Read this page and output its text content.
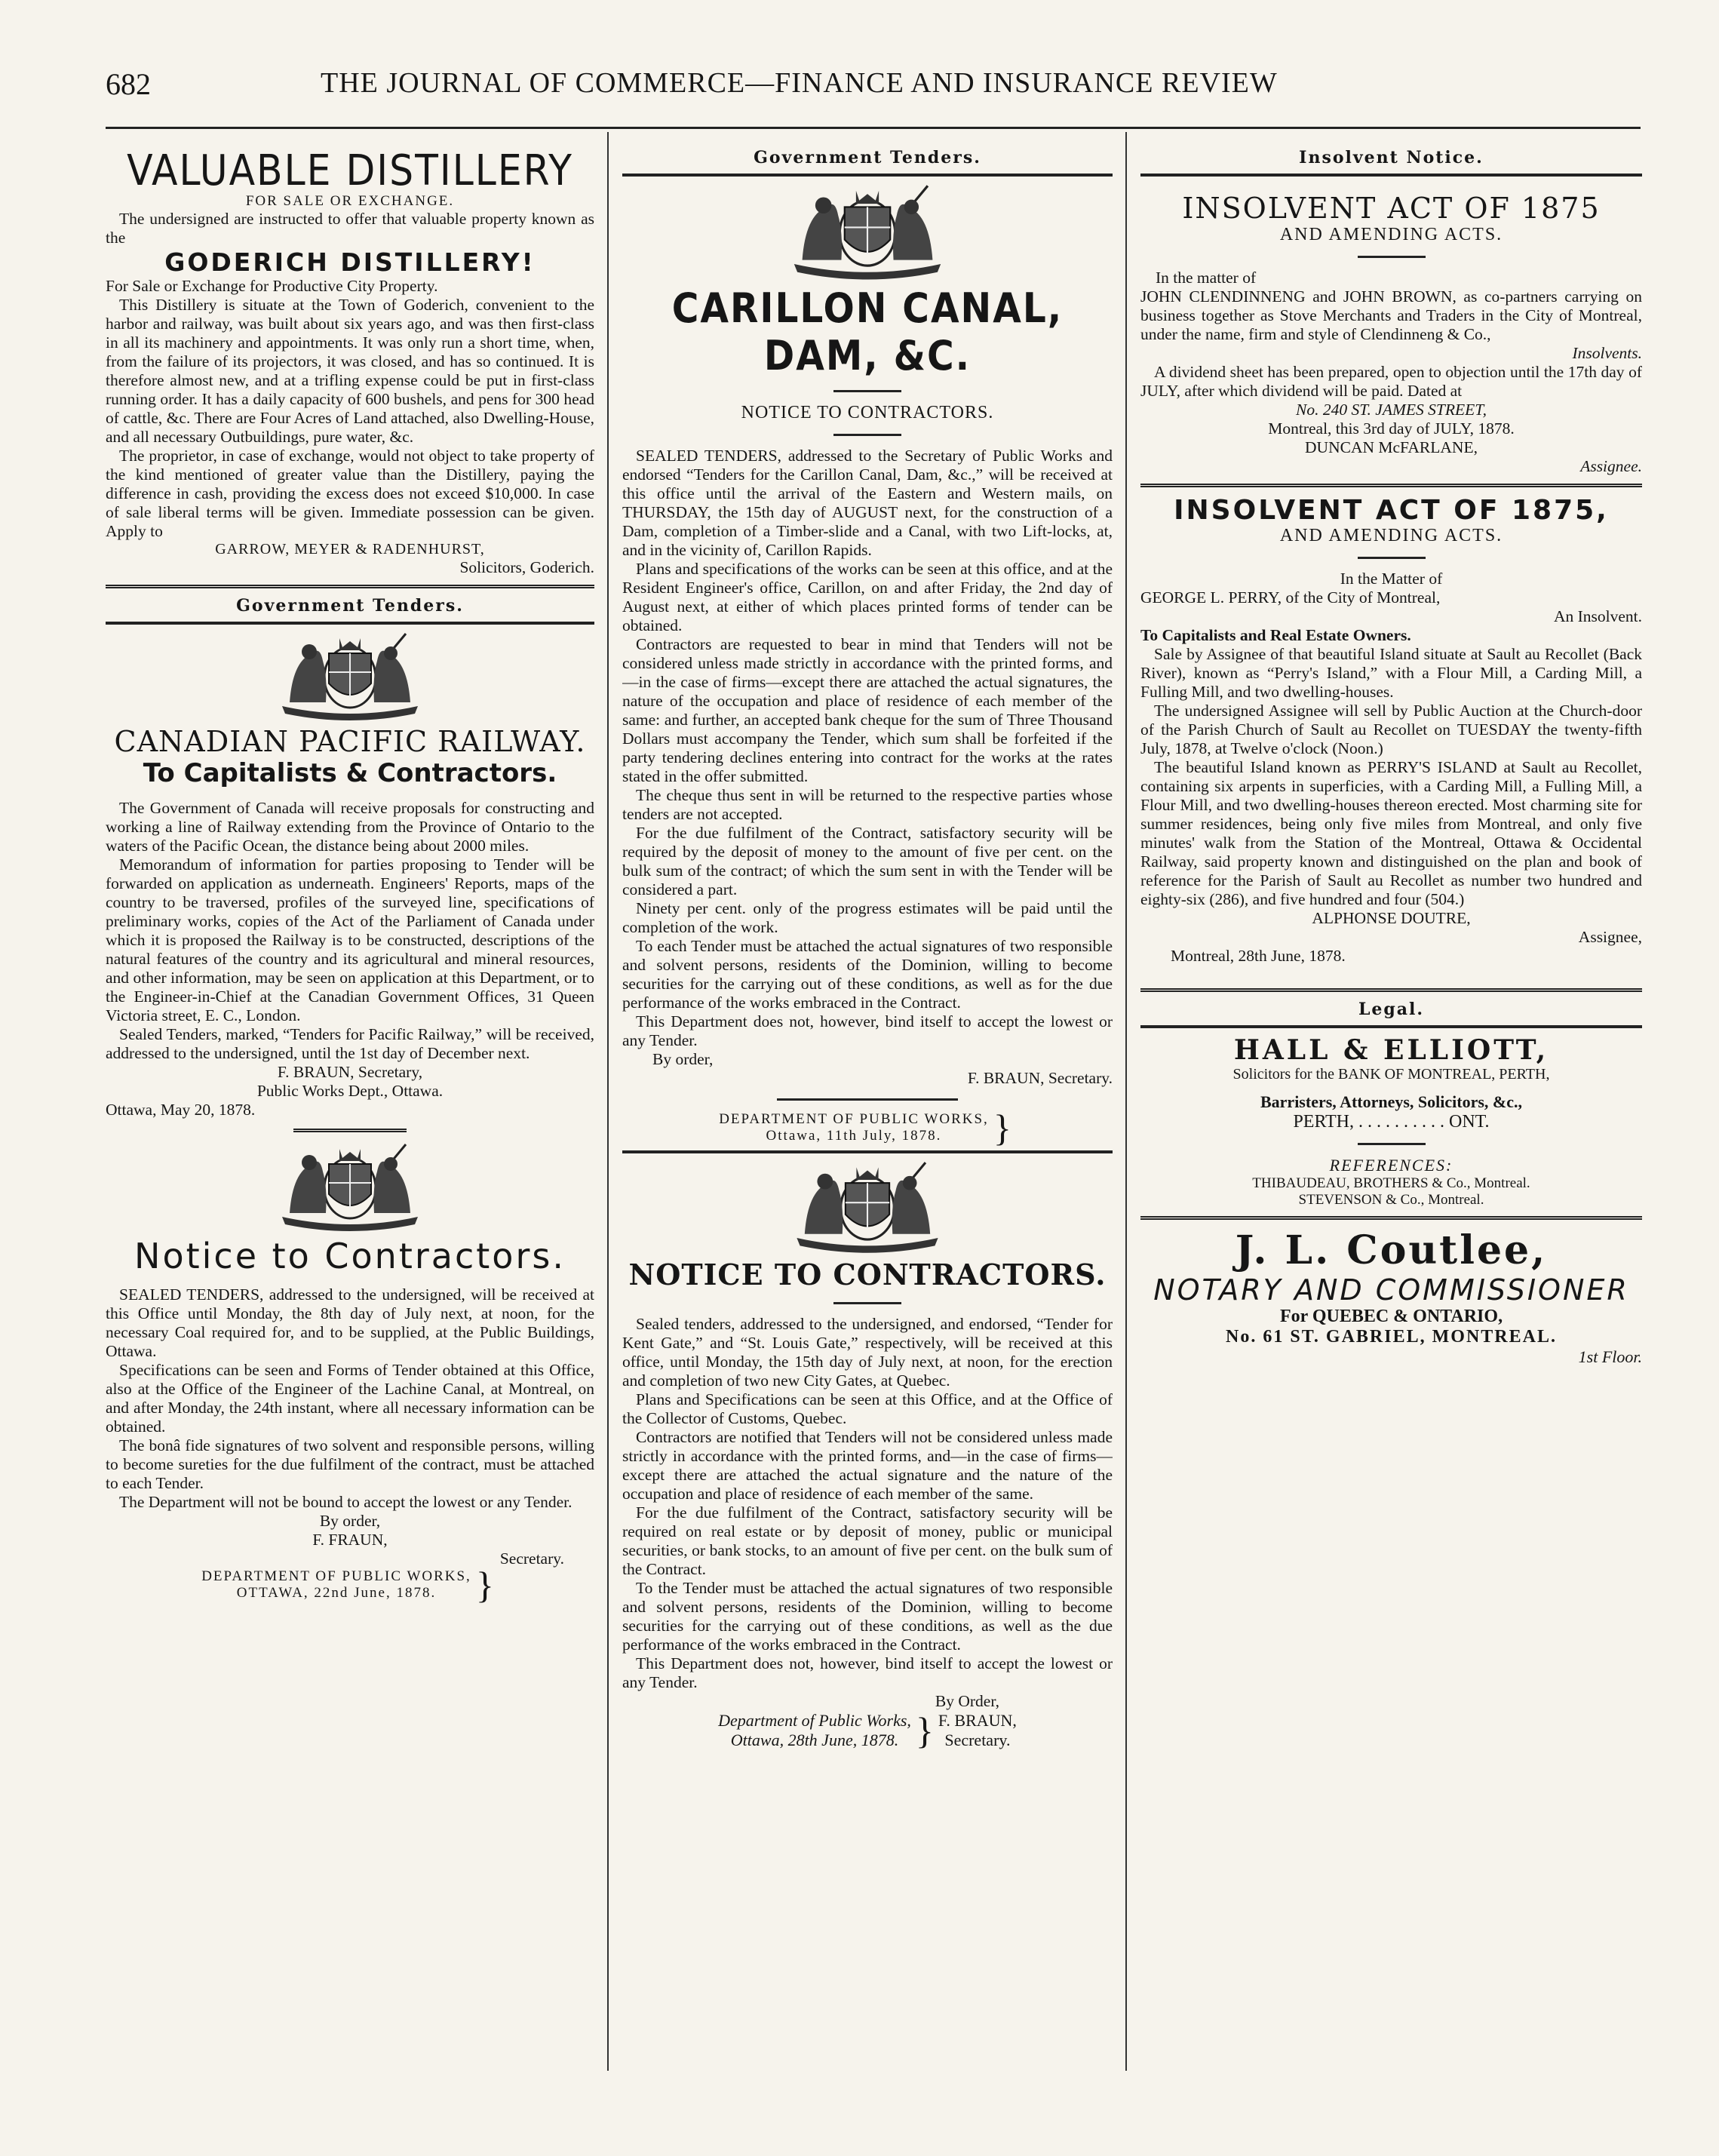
682	THE JOURNAL OF COMMERCE—FINANCE AND INSURANCE REVIEW

VALUABLE DISTILLERY

FOR SALE OR EXCHANGE.

The undersigned are instructed to offer that valuable property known as the

GODERICH DISTILLERY!

For Sale or Exchange for Productive City Property.

This Distillery is situate at the Town of Goderich, convenient to the harbor and railway, was built about six years ago, and was then first-class in all its machinery and appointments. It was only run a short time, when, from the failure of its projectors, it was closed, and has so continued. It is therefore almost new, and at a trifling expense could be put in first-class running order. It has a daily capacity of 600 bushels, and pens for 300 head of cattle, &c. There are Four Acres of Land attached, also Dwelling-House, and all necessary Outbuildings, pure water, &c.

The proprietor, in case of exchange, would not object to take property of the kind mentioned of greater value than the Distillery, paying the difference in cash, providing the excess does not exceed $10,000. In case of sale liberal terms will be given. Immediate possession can be given. Apply to

GARROW, MEYER & RADENHURST,

Solicitors, Goderich.

Government Tenders.

CANADIAN PACIFIC RAILWAY.

To Capitalists & Contractors.

The Government of Canada will receive proposals for constructing and working a line of Railway extending from the Province of Ontario to the waters of the Pacific Ocean, the distance being about 2000 miles.

Memorandum of information for parties proposing to Tender will be forwarded on application as underneath. Engineers' Reports, maps of the country to be traversed, profiles of the surveyed line, specifications of preliminary works, copies of the Act of the Parliament of Canada under which it is proposed the Railway is to be constructed, descriptions of the natural features of the country and its agricultural and mineral resources, and other information, may be seen on application at this Department, or to the Engineer-in-Chief at the Canadian Government Offices, 31 Queen Victoria street, E. C., London.

Sealed Tenders, marked, “Tenders for Pacific Railway,” will be received, addressed to the undersigned, until the 1st day of December next.

F. BRAUN, Secretary,

Public Works Dept., Ottawa.

Ottawa, May 20, 1878.

Notice to Contractors.

SEALED TENDERS, addressed to the undersigned, will be received at this Office until Monday, the 8th day of July next, at noon, for the necessary Coal required for, and to be supplied, at the Public Buildings, Ottawa.

Specifications can be seen and Forms of Tender obtained at this Office, also at the Office of the Engineer of the Lachine Canal, at Montreal, on and after Monday, the 24th instant, where all necessary information can be obtained.

The bonâ fide signatures of two solvent and responsible persons, willing to become sureties for the due fulfilment of the contract, must be attached to each Tender.

The Department will not be bound to accept the lowest or any Tender.

By order,

F. FRAUN,

Secretary.

DEPARTMENT OF PUBLIC WORKS,

OTTAWA, 22nd June, 1878.	}

Government Tenders.

CARILLON CANAL, DAM, &C.

NOTICE TO CONTRACTORS.

SEALED TENDERS, addressed to the Secretary of Public Works and endorsed “Tenders for the Carillon Canal, Dam, &c.,” will be received at this office until the arrival of the Eastern and Western mails, on THURSDAY, the 15th day of AUGUST next, for the construction of a Dam, completion of a Timber-slide and a Canal, with two Lift-locks, at, and in the vicinity of, Carillon Rapids.

Plans and specifications of the works can be seen at this office, and at the Resident Engineer's office, Carillon, on and after Friday, the 2nd day of August next, at either of which places printed forms of tender can be obtained.

Contractors are requested to bear in mind that Tenders will not be considered unless made strictly in accordance with the printed forms, and—in the case of firms—except there are attached the actual signatures, the nature of the occupation and place of residence of each member of the same: and further, an accepted bank cheque for the sum of Three Thousand Dollars must accompany the Tender, which sum shall be forfeited if the party tendering declines entering into contract for the works at the rates stated in the offer submitted.

The cheque thus sent in will be returned to the respective parties whose tenders are not accepted.

For the due fulfilment of the Contract, satisfactory security will be required by the deposit of money to the amount of five per cent. on the bulk sum of the contract; of which the sum sent in with the Tender will be considered a part.

Ninety per cent. only of the progress estimates will be paid until the completion of the work.

To each Tender must be attached the actual signatures of two responsible and solvent persons, residents of the Dominion, willing to become securities for the carrying out of these conditions, as well as for the due performance of the works embraced in the Contract.

This Department does not, however, bind itself to accept the lowest or any Tender.

By order,

F. BRAUN, Secretary.

DEPARTMENT OF PUBLIC WORKS,

Ottawa, 11th July, 1878.	}

NOTICE TO CONTRACTORS.

Sealed tenders, addressed to the undersigned, and endorsed, “Tender for Kent Gate,” and “St. Louis Gate,” respectively, will be received at this office, until Monday, the 15th day of July next, at noon, for the erection and completion of two new City Gates, at Quebec.

Plans and Specifications can be seen at this Office, and at the Office of the Collector of Customs, Quebec.

Contractors are notified that Tenders will not be considered unless made strictly in accordance with the printed forms, and—in the case of firms—except there are attached the actual signature and the nature of the occupation and place of residence of each member of the same.

For the due fulfilment of the Contract, satisfactory security will be required on real estate or by deposit of money, public or municipal securities, or bank stocks, to an amount of five per cent. on the bulk sum of the Contract.

To the Tender must be attached the actual signatures of two responsible and solvent persons, residents of the Dominion, willing to become securities for the carrying out of these conditions, as well as the due performance of the works embraced in the Contract.

This Department does not, however, bind itself to accept the lowest or any Tender.

By Order,

Department of Public Works,

Ottawa, 28th June, 1878. } F. BRAUN,

Secretary.

Insolvent Notice.

INSOLVENT ACT OF 1875

AND AMENDING ACTS.

In the matter of

JOHN CLENDINNENG and JOHN BROWN, as co-partners carrying on business together as Stove Merchants and Traders in the City of Montreal, under the name, firm and style of Clendinneng & Co.,

Insolvents.

A dividend sheet has been prepared, open to objection until the 17th day of JULY, after which dividend will be paid. Dated at

No. 240 ST. JAMES STREET,

Montreal, this 3rd day of JULY, 1878.

DUNCAN McFARLANE,

Assignee.

INSOLVENT ACT OF 1875,

AND AMENDING ACTS.

In the Matter of

GEORGE L. PERRY, of the City of Montreal,

An Insolvent.

To Capitalists and Real Estate Owners.

Sale by Assignee of that beautiful Island situate at Sault au Recollet (Back River), known as “Perry's Island,” with a Flour Mill, a Carding Mill, a Fulling Mill, and two dwelling-houses.

The undersigned Assignee will sell by Public Auction at the Church-door of the Parish Church of Sault au Recollet on TUESDAY the twenty-fifth July, 1878, at Twelve o'clock (Noon.)

The beautiful Island known as PERRY'S ISLAND at Sault au Recollet, containing six arpents in superficies, with a Carding Mill, a Fulling Mill, a Flour Mill, and two dwelling-houses thereon erected. Most charming site for summer residences, being only five miles from Montreal, and only five minutes' walk from the Station of the Montreal, Ottawa & Occidental Railway, said property known and distinguished on the plan and book of reference for the Parish of Sault au Recollet as number two hundred and eighty-six (286), and five hundred and four (504.)

ALPHONSE DOUTRE,

Assignee,

Montreal, 28th June, 1878.

Legal.

HALL & ELLIOTT,

Solicitors for the BANK OF MONTREAL, PERTH,

Barristers, Attorneys, Solicitors, &c.,

PERTH, . . . . . . . . . . ONT.

REFERENCES:

THIBAUDEAU, BROTHERS & Co., Montreal.

STEVENSON & Co., Montreal.

J. L. Coutlee,

NOTARY AND COMMISSIONER

For QUEBEC & ONTARIO,

No. 61 ST. GABRIEL, MONTREAL.

1st Floor.
